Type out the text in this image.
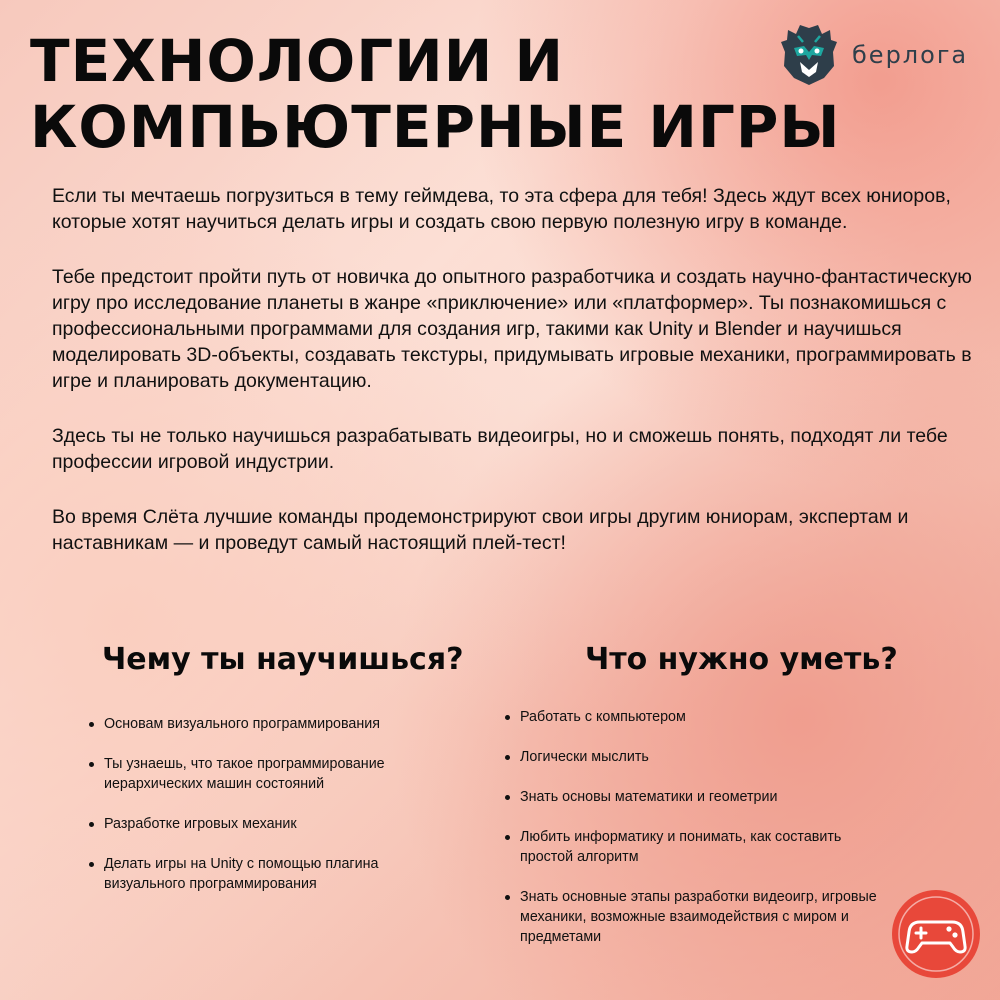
ТЕХНОЛОГИИ И
КОМПЬЮТЕРНЫЕ ИГРЫ
берлога

Если ты мечтаешь погрузиться в тему геймдева, то эта сфера для тебя! Здесь ждут всех юниоров, которые хотят научиться делать игры и создать свою первую полезную игру в команде.

Тебе предстоит пройти путь от новичка до опытного разработчика и создать научно-фантастическую игру про исследование планеты в жанре «приключение» или «платформер». Ты познакомишься с профессиональными программами для создания игр, такими как Unity и Blender и научишься моделировать 3D-объекты, создавать текстуры, придумывать игровые механики, программировать в игре и планировать документацию.

Здесь ты не только научишься разрабатывать видеоигры, но и сможешь понять, подходят ли тебе профессии игровой индустрии.

Во время Слёта лучшие команды продемонстрируют свои игры другим юниорам, экспертам и наставникам — и проведут самый настоящий плей-тест!

Чему ты научишься?	Что нужно уметь?
Основам визуального программирования
Ты узнаешь, что такое программирование иерархических машин состояний
Разработке игровых механик
Делать игры на Unity с помощью плагина визуального программирования
Работать с компьютером
Логически мыслить
Знать основы математики и геометрии
Любить информатику и понимать, как составить простой алгоритм
Знать основные этапы разработки видеоигр, игровые механики, возможные взаимодействия с миром и предметами
